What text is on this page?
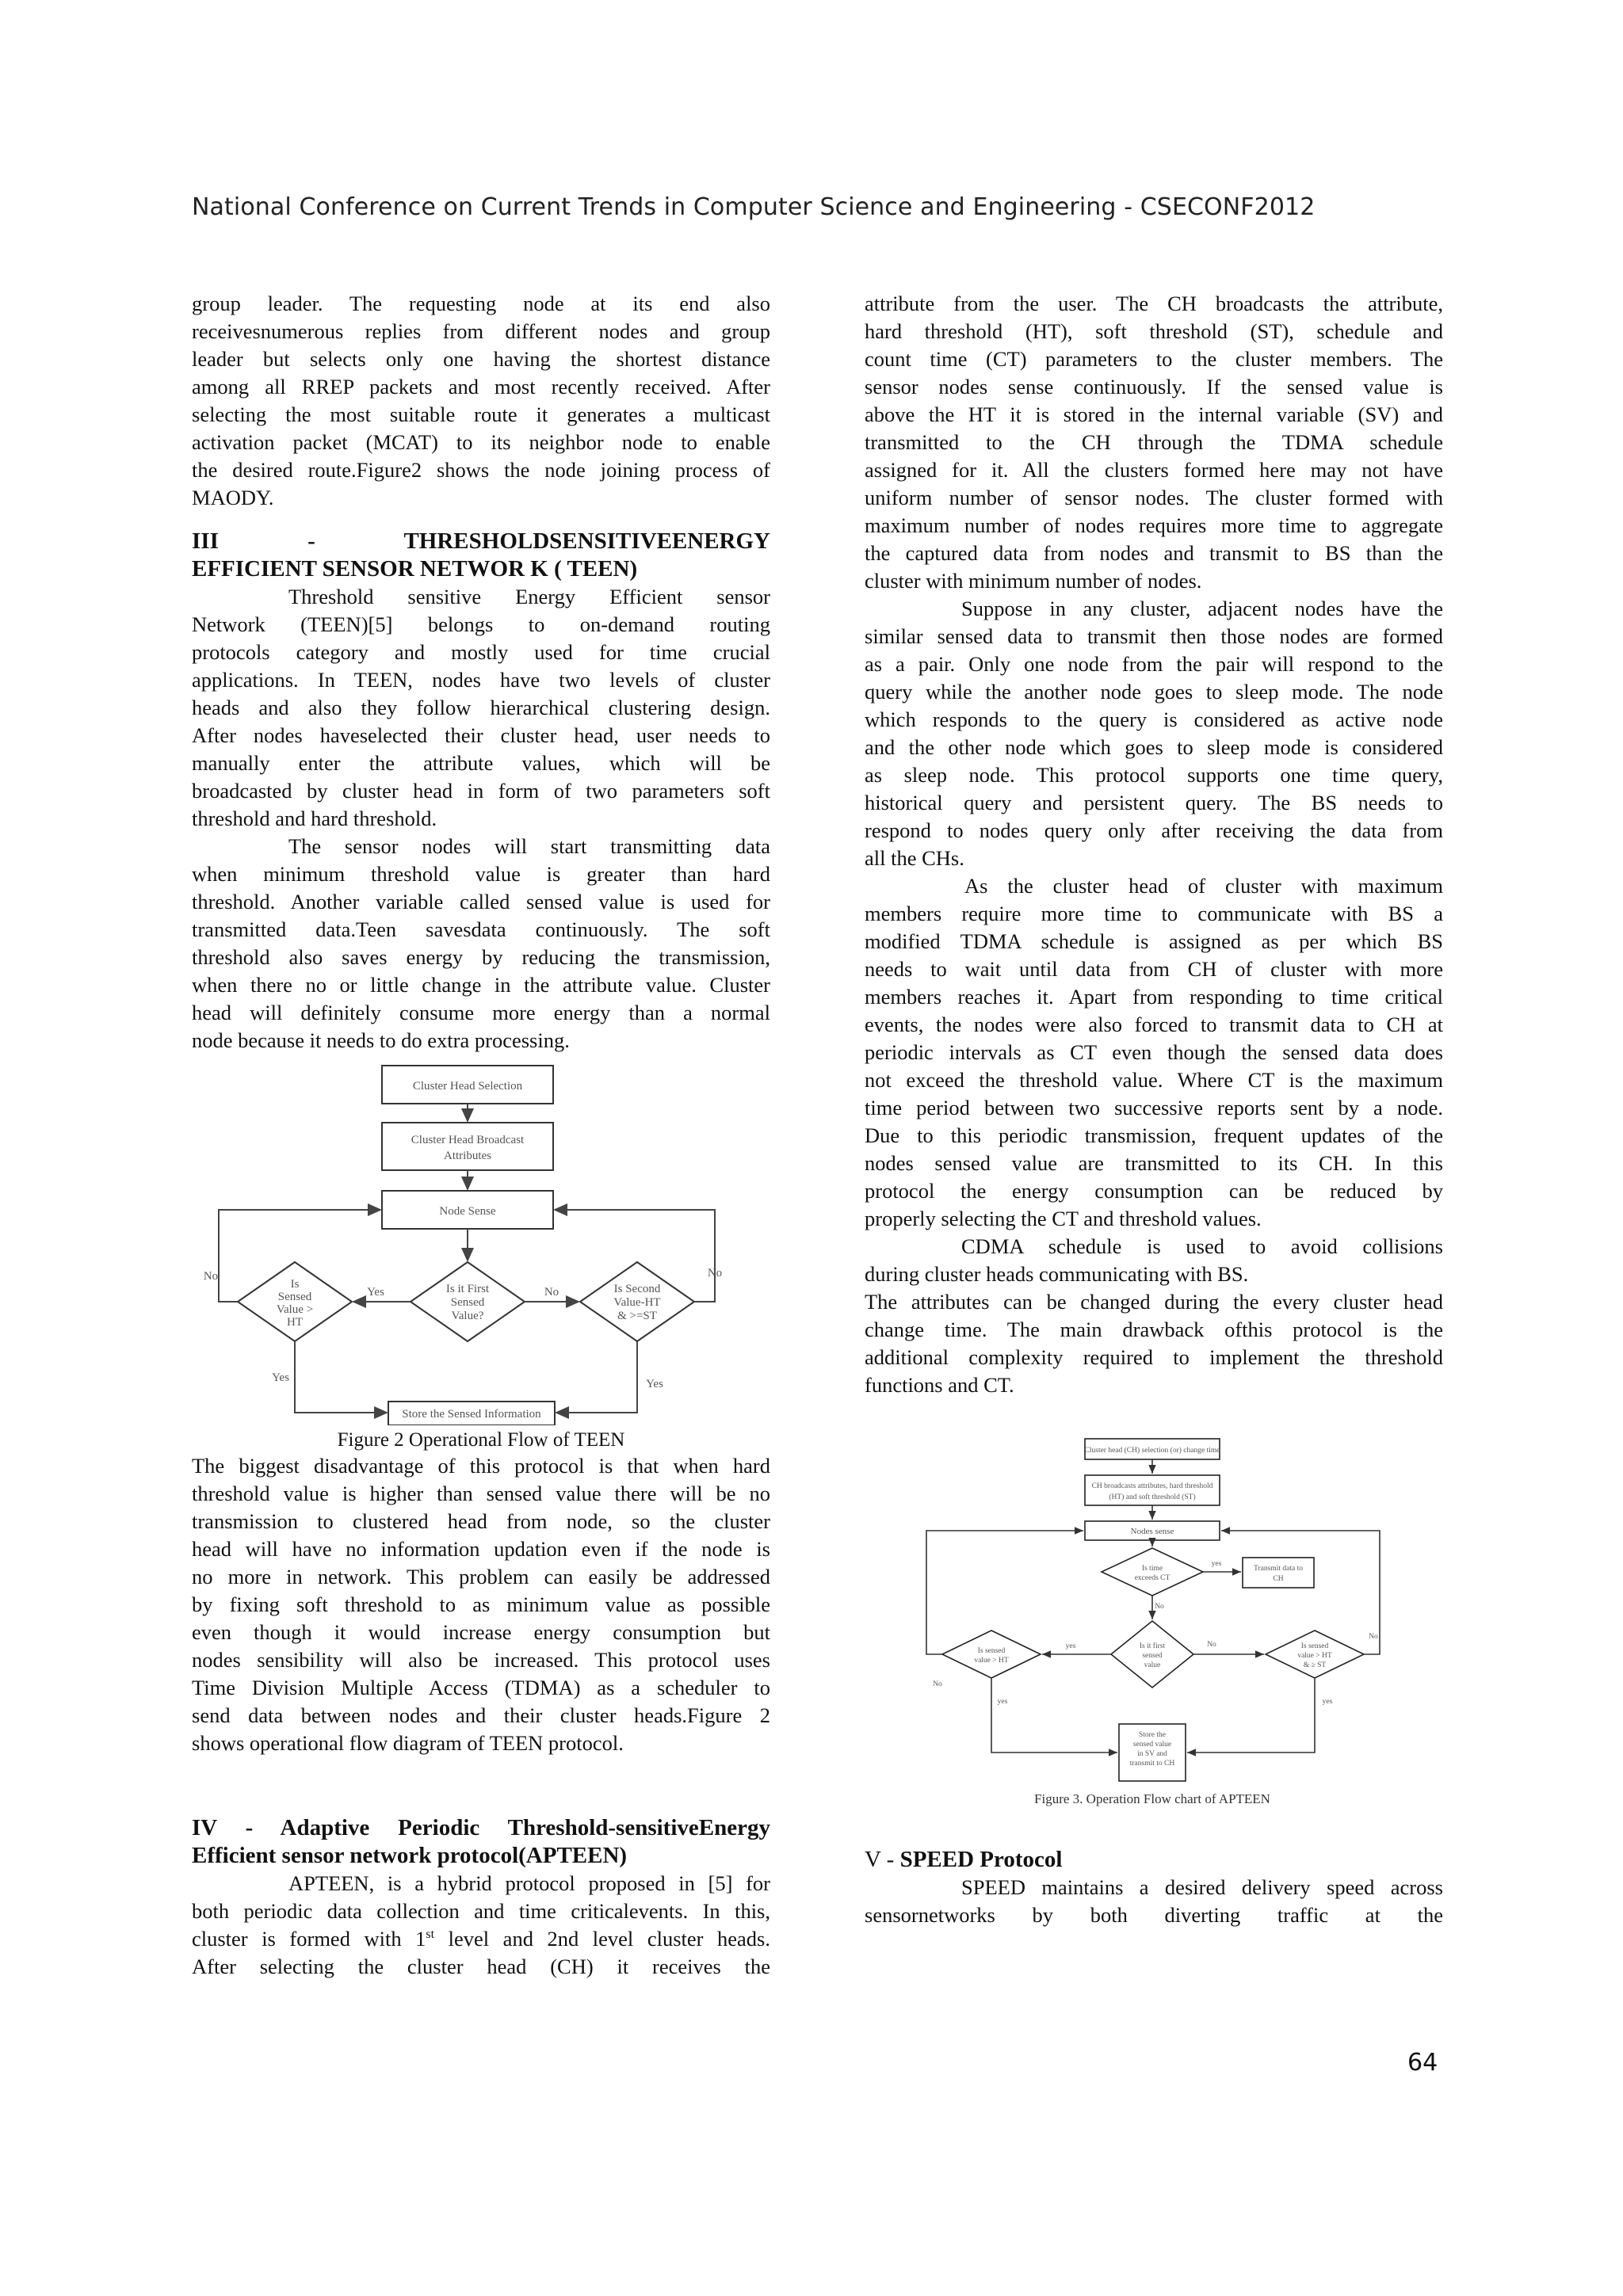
National Conference on Current Trends in Computer Science and Engineering - CSECONF2012

group leader. The requesting node at its end also

receivesnumerous replies from different nodes and group

leader but selects only one having the shortest distance

among all RREP packets and most recently received. After

selecting the most suitable route it generates a multicast

activation packet (MCAT) to its neighbor node to enable

the desired route.Figure2 shows the node joining process of

MAODY.

III - THRESHOLDSENSITIVEENERGY

EFFICIENT SENSOR NETWOR K ( TEEN)

Threshold sensitive Energy Efficient sensor

Network (TEEN)[5] belongs to on-demand routing

protocols category and mostly used for time crucial

applications. In TEEN, nodes have two levels of cluster

heads and also they follow hierarchical clustering design.

After nodes haveselected their cluster head, user needs to

manually enter the attribute values, which will be

broadcasted by cluster head in form of two parameters soft

threshold and hard threshold.

The sensor nodes will start transmitting data

when minimum threshold value is greater than hard

threshold. Another variable called sensed value is used for

transmitted data.Teen savesdata continuously. The soft

threshold also saves energy by reducing the transmission,

when there no or little change in the attribute value. Cluster

head will definitely consume more energy than a normal

node because it needs to do extra processing.

Cluster Head Selection
Cluster Head Broadcast
Attributes
Node Sense
Is
Sensed
Value >
HT
Is it First
Sensed
Value?
Is Second
Value-HT
& >=ST
Store the Sensed Information
Yes	No
No	No
Yes	Yes

Figure 2 Operational Flow of TEEN

The biggest disadvantage of this protocol is that when hard

threshold value is higher than sensed value there will be no

transmission to clustered head from node, so the cluster

head will have no information updation even if the node is

no more in network. This problem can easily be addressed

by fixing soft threshold to as minimum value as possible

even though it would increase energy consumption but

nodes sensibility will also be increased. This protocol uses

Time Division Multiple Access (TDMA) as a scheduler to

send data between nodes and their cluster heads.Figure 2

shows operational flow diagram of TEEN protocol.

IV - Adaptive Periodic Threshold-sensitiveEnergy

Efficient sensor network protocol(APTEEN)

APTEEN, is a hybrid protocol proposed in [5] for

both periodic data collection and time criticalevents. In this,

cluster is formed with 1st level and 2nd level cluster heads.

After selecting the cluster head (CH) it receives the

attribute from the user. The CH broadcasts the attribute,

hard threshold (HT), soft threshold (ST), schedule and

count time (CT) parameters to the cluster members. The

sensor nodes sense continuously. If the sensed value is

above the HT it is stored in the internal variable (SV) and

transmitted to the CH through the TDMA schedule

assigned for it. All the clusters formed here may not have

uniform number of sensor nodes. The cluster formed with

maximum number of nodes requires more time to aggregate

the captured data from nodes and transmit to BS than the

cluster with minimum number of nodes.

Suppose in any cluster, adjacent nodes have the

similar sensed data to transmit then those nodes are formed

as a pair. Only one node from the pair will respond to the

query while the another node goes to sleep mode. The node

which responds to the query is considered as active node

and the other node which goes to sleep mode is considered

as sleep node. This protocol supports one time query,

historical query and persistent query. The BS needs to

respond to nodes query only after receiving the data from

all the CHs.

As the cluster head of cluster with maximum

members require more time to communicate with BS a

modified TDMA schedule is assigned as per which BS

needs to wait until data from CH of cluster with more

members reaches it. Apart from responding to time critical

events, the nodes were also forced to transmit data to CH at

periodic intervals as CT even though the sensed data does

not exceed the threshold value. Where CT is the maximum

time period between two successive reports sent by a node.

Due to this periodic transmission, frequent updates of the

nodes sensed value are transmitted to its CH. In this

protocol the energy consumption can be reduced by

properly selecting the CT and threshold values.

CDMA schedule is used to avoid collisions

during cluster heads communicating with BS.

The attributes can be changed during the every cluster head

change time. The main drawback ofthis protocol is the

additional complexity required to implement the threshold

functions and CT.

Cluster head (CH) selection (or) change time
CH broadcasts attributes, hard threshold
(HT) and soft threshold (ST)
Nodes sense
Is time
exceeds CT
Transmit data to
CH
Is sensed
value > HT
Is it first
sensed
value
Is sensed
value > HT
& ≥ ST
Store the
sensed value
in SV and
transmit to CH
yes
No
yes	No
No
No
yes	yes
Figure 3. Operation Flow chart of APTEEN

V - SPEED Protocol

SPEED maintains a desired delivery speed across

sensornetworks by both diverting traffic at the

64
